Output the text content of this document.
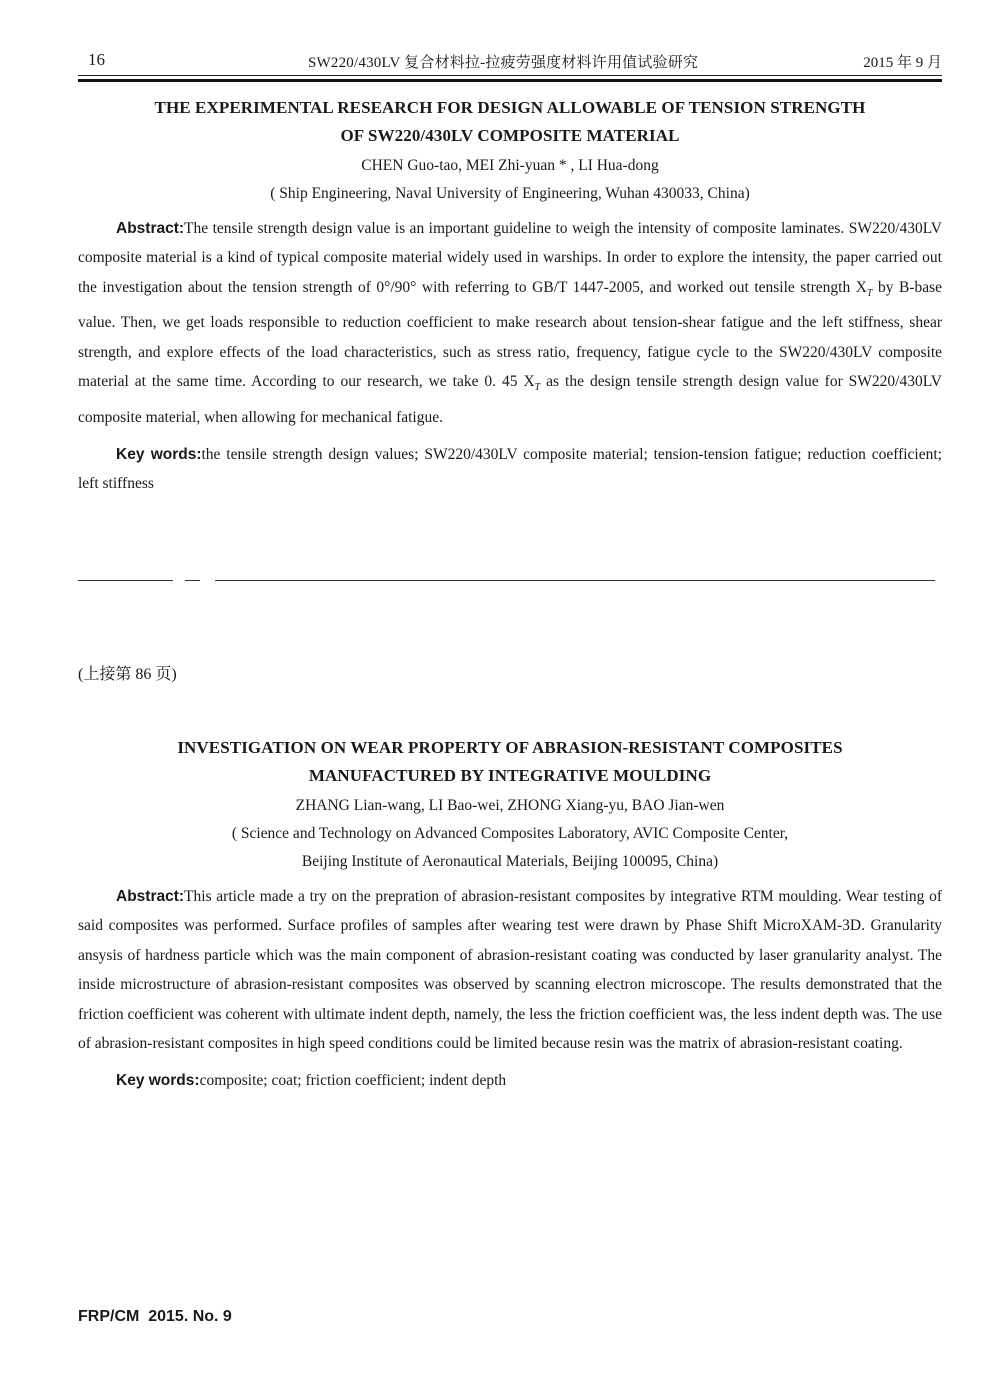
16	SW220/430LV 复合材料拉-拉疲劳强度材料许用值试验研究	2015 年 9 月
THE EXPERIMENTAL RESEARCH FOR DESIGN ALLOWABLE OF TENSION STRENGTH
OF SW220/430LV COMPOSITE MATERIAL
CHEN Guo-tao, MEI Zhi-yuan * , LI Hua-dong
( Ship Engineering, Naval University of Engineering, Wuhan 430033, China)
Abstract:The tensile strength design value is an important guideline to weigh the intensity of composite laminates. SW220/430LV composite material is a kind of typical composite material widely used in warships. In order to explore the intensity, the paper carried out the investigation about the tension strength of 0°/90° with referring to GB/T 1447-2005, and worked out tensile strength $X_T$ by B-base value. Then, we get loads responsible to reduction coefficient to make research about tension-shear fatigue and the left stiffness, shear strength, and explore effects of the load characteristics, such as stress ratio, frequency, fatigue cycle to the SW220/430LV composite material at the same time. According to our research, we take 0. 45 $X_T$ as the design tensile strength design value for SW220/430LV composite material, when allowing for mechanical fatigue.
Key words:the tensile strength design values; SW220/430LV composite material; tension-tension fatigue; reduction coefficient; left stiffness
(上接第 86 页)
INVESTIGATION ON WEAR PROPERTY OF ABRASION-RESISTANT COMPOSITES
MANUFACTURED BY INTEGRATIVE MOULDING
ZHANG Lian-wang, LI Bao-wei, ZHONG Xiang-yu, BAO Jian-wen
( Science and Technology on Advanced Composites Laboratory, AVIC Composite Center,
Beijing Institute of Aeronautical Materials, Beijing 100095, China)
Abstract:This article made a try on the prepration of abrasion-resistant composites by integrative RTM moulding. Wear testing of said composites was performed. Surface profiles of samples after wearing test were drawn by Phase Shift MicroXAM-3D. Granularity ansysis of hardness particle which was the main component of abrasion-resistant coating was conducted by laser granularity analyst. The inside microstructure of abrasion-resistant composites was observed by scanning electron microscope. The results demonstrated that the friction coefficient was coherent with ultimate indent depth, namely, the less the friction coefficient was, the less indent depth was. The use of abrasion-resistant composites in high speed conditions could be limited because resin was the matrix of abrasion-resistant coating.
Key words:composite; coat; friction coefficient; indent depth
FRP/CM  2015. No. 9
